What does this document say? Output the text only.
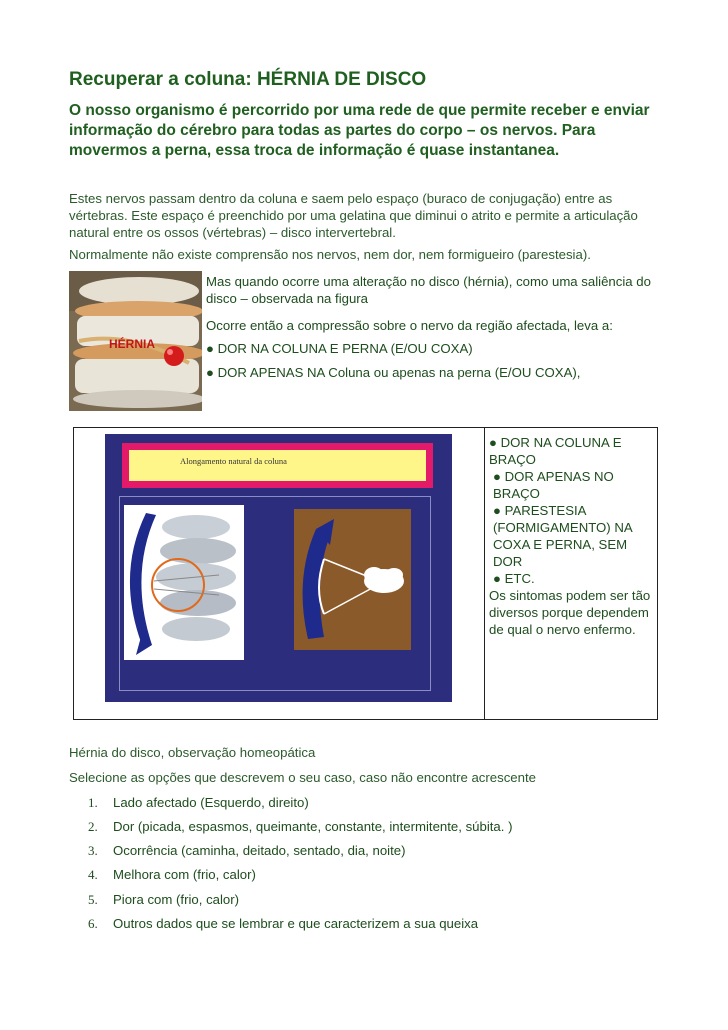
Recuperar a coluna: HÉRNIA DE DISCO
O nosso organismo é percorrido por uma rede de que permite receber e enviar informação do cérebro para todas as partes do corpo – os nervos. Para movermos a perna, essa troca de informação é quase instantanea.
Estes nervos passam dentro da coluna e saem pelo espaço (buraco de conjugação) entre as vértebras. Este espaço é preenchido por uma gelatina que diminui o atrito e permite a articulação natural entre os ossos (vértebras) – disco intervertebral.
Normalmente não existe comprensão nos nervos, nem dor, nem formigueiro (parestesia).
HÉRNIA
Mas quando ocorre uma alteração no disco (hérnia), como uma saliência do disco – observada na figura
Ocorre então a compressão sobre o nervo da região afectada, leva a:
● DOR NA COLUNA E PERNA (E/OU COXA)
● DOR APENAS NA Coluna ou apenas na perna (E/OU COXA),
Alongamento natural da coluna
● DOR NA COLUNA E BRAÇO
● DOR APENAS NO BRAÇO
● PARESTESIA (FORMIGAMENTO) NA COXA E PERNA, SEM DOR
● ETC.
Os sintomas podem ser tão diversos porque dependem de qual o nervo enfermo.
Hérnia do disco, observação homeopática
Selecione as opções que descrevem o seu caso, caso não encontre acrescente
1. Lado afectado (Esquerdo, direito)
2. Dor (picada, espasmos, queimante, constante, intermitente, súbita. )
3. Ocorrência (caminha, deitado, sentado, dia, noite)
4. Melhora com (frio, calor)
5. Piora com (frio, calor)
6. Outros dados que se lembrar e que caracterizem a sua queixa
